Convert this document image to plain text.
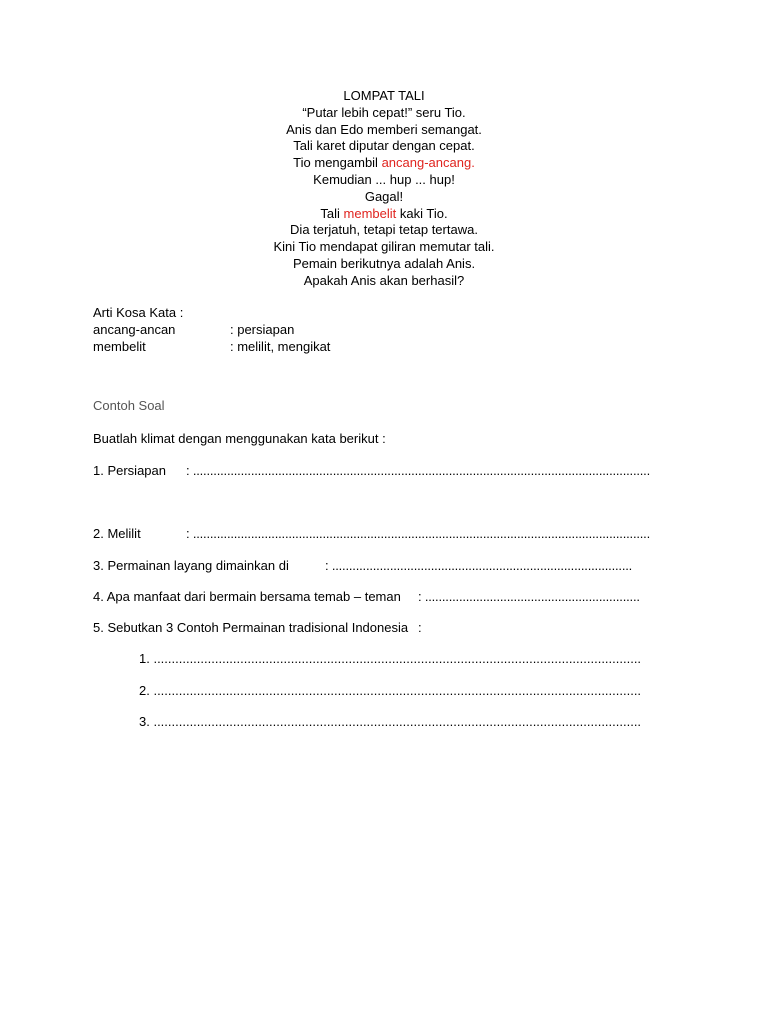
LOMPAT TALI
“Putar lebih cepat!” seru Tio.
Anis dan Edo memberi semangat.
Tali karet diputar dengan cepat.
Tio mengambil ancang-ancang.
Kemudian ... hup ... hup!
Gagal!
Tali membelit kaki Tio.
Dia terjatuh, tetapi tetap tertawa.
Kini Tio mendapat giliran memutar tali.
Pemain berikutnya adalah Anis.
Apakah Anis akan berhasil?
Arti Kosa Kata :
ancang-ancan	: persiapan
membelit	: melilit, mengikat
Contoh Soal
Buatlah klimat dengan menggunakan kata berikut :
1. Persiapan : ......................................................................................................................................
2. Melilit	: ......................................................................................................................................
3. Permainan layang dimainkan di	: ........................................................................................
4. Apa manfaat dari bermain bersama temab – teman : ...............................................................
5. Sebutkan 3 Contoh Permainan tradisional Indonesia :
1. .......................................................................................................................................
2. .......................................................................................................................................
3. .......................................................................................................................................
